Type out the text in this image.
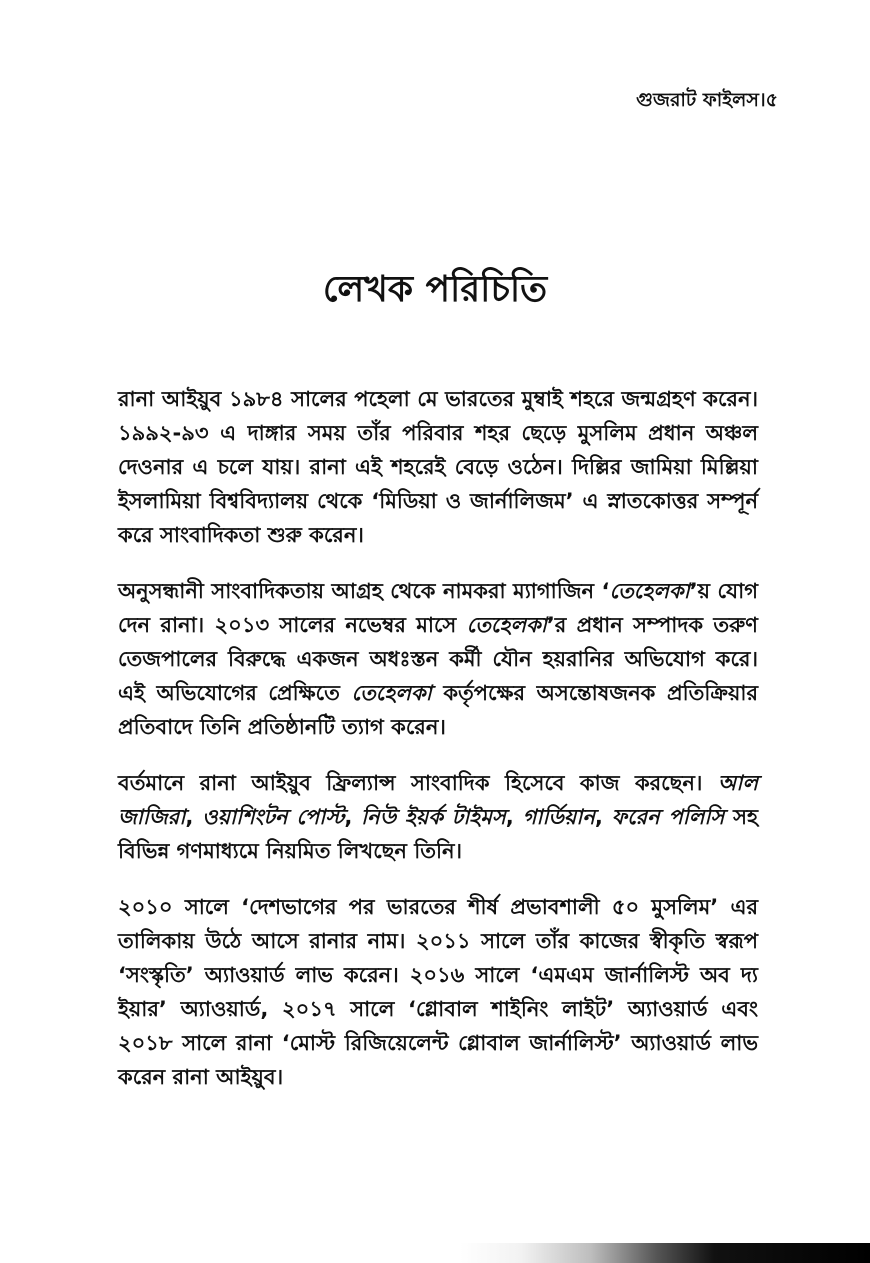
গুজরাট ফাইলস।৫
লেখক পরিচিতি

রানা আইয়ুব ১৯৮৪ সালের পহেলা মে ভারতের মুম্বাই শহরে জন্মগ্রহণ করেন। ১৯৯২-৯৩ এ দাঙ্গার সময় তাঁর পরিবার শহর ছেড়ে মুসলিম প্রধান অঞ্চল দেওনার এ চলে যায়। রানা এই শহরেই বেড়ে ওঠেন। দিল্লির জামিয়া মিল্লিয়া ইসলামিয়া বিশ্ববিদ্যালয় থেকে ‘মিডিয়া ও জার্নালিজম’ এ স্নাতকোত্তর সম্পূর্ন করে সাংবাদিকতা শুরু করেন।

অনুসন্ধানী সাংবাদিকতায় আগ্রহ থেকে নামকরা ম্যাগাজিন ‘তেহেলকা’য় যোগ দেন রানা। ২০১৩ সালের নভেম্বর মাসে তেহেলকা’র প্রধান সম্পাদক তরুণ তেজপালের বিরুদ্ধে একজন অধঃস্তন কর্মী যৌন হয়রানির অভিযোগ করে। এই অভিযোগের প্রেক্ষিতে তেহেলকা কর্তৃপক্ষের অসন্তোষজনক প্রতিক্রিয়ার প্রতিবাদে তিনি প্রতিষ্ঠানটি ত্যাগ করেন।

বর্তমানে রানা আইয়ুব ফ্রিল্যান্স সাংবাদিক হিসেবে কাজ করছেন। আল জাজিরা, ওয়াশিংটন পোস্ট, নিউ ইয়র্ক টাইমস, গার্ডিয়ান, ফরেন পলিসি সহ বিভিন্ন গণমাধ্যমে নিয়মিত লিখছেন তিনি।

২০১০ সালে ‘দেশভাগের পর ভারতের শীর্ষ প্রভাবশালী ৫০ মুসলিম’ এর তালিকায় উঠে আসে রানার নাম। ২০১১ সালে তাঁর কাজের স্বীকৃতি স্বরূপ ‘সংস্কৃতি’ অ্যাওয়ার্ড লাভ করেন। ২০১৬ সালে ‘এমএম জার্নালিস্ট অব দ্য ইয়ার’ অ্যাওয়ার্ড, ২০১৭ সালে ‘গ্লোবাল শাইনিং লাইট’ অ্যাওয়ার্ড এবং ২০১৮ সালে রানা ‘মোস্ট রিজিয়েলেন্ট গ্লোবাল জার্নালিস্ট’ অ্যাওয়ার্ড লাভ করেন রানা আইয়ুব।
